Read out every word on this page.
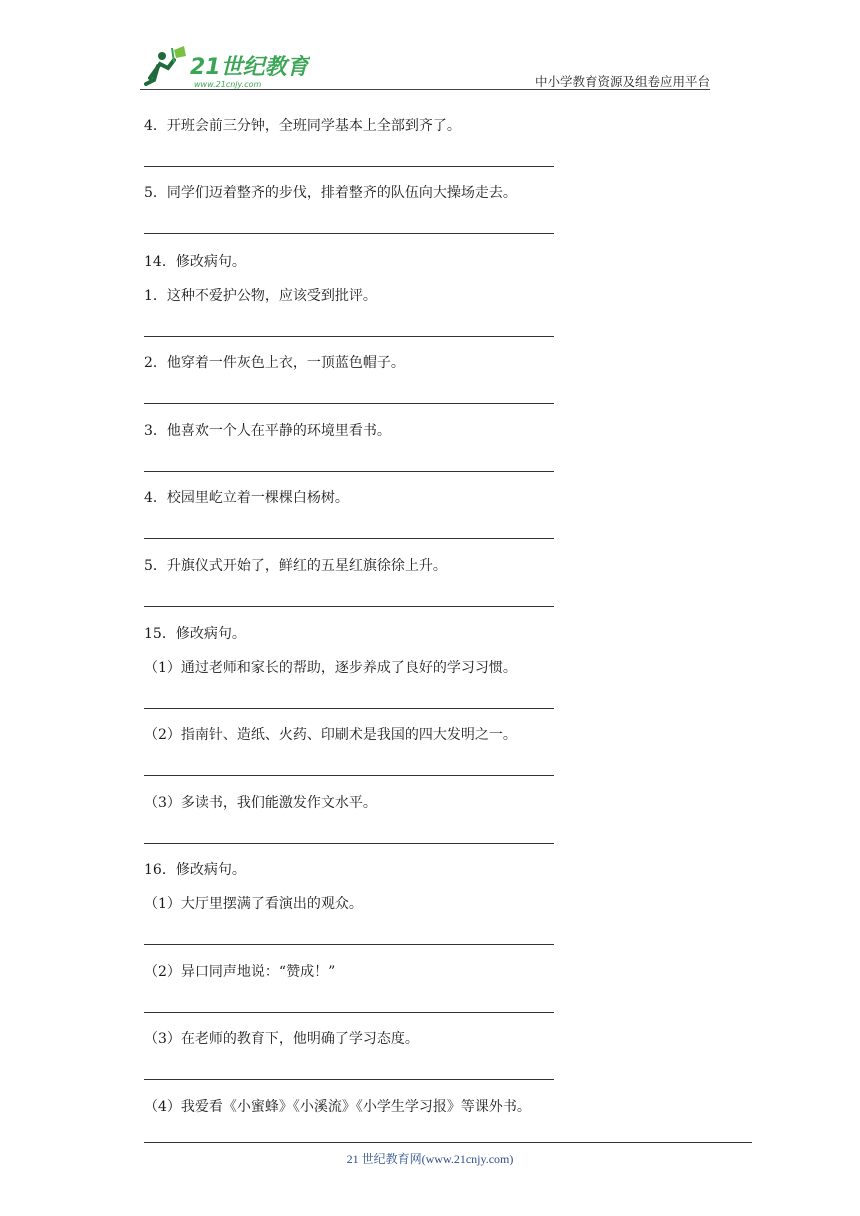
21世纪教育
www.21cnjy.com	中小学教育资源及组卷应用平台
4．开班会前三分钟，全班同学基本上全部到齐了。
5．同学们迈着整齐的步伐，排着整齐的队伍向大操场走去。
14．修改病句。
1．这种不爱护公物，应该受到批评。
2．他穿着一件灰色上衣，一顶蓝色帽子。
3．他喜欢一个人在平静的环境里看书。
4．校园里屹立着一棵棵白杨树。
5．升旗仪式开始了，鲜红的五星红旗徐徐上升。
15．修改病句。
（1）通过老师和家长的帮助，逐步养成了良好的学习习惯。
（2）指南针、造纸、火药、印刷术是我国的四大发明之一。
（3）多读书，我们能激发作文水平。
16．修改病句。
（1）大厅里摆满了看演出的观众。
（2）异口同声地说：“赞成！”
（3）在老师的教育下，他明确了学习态度。
（4）我爱看《小蜜蜂》《小溪流》《小学生学习报》等课外书。
21 世纪教育网(www.21cnjy.com)
